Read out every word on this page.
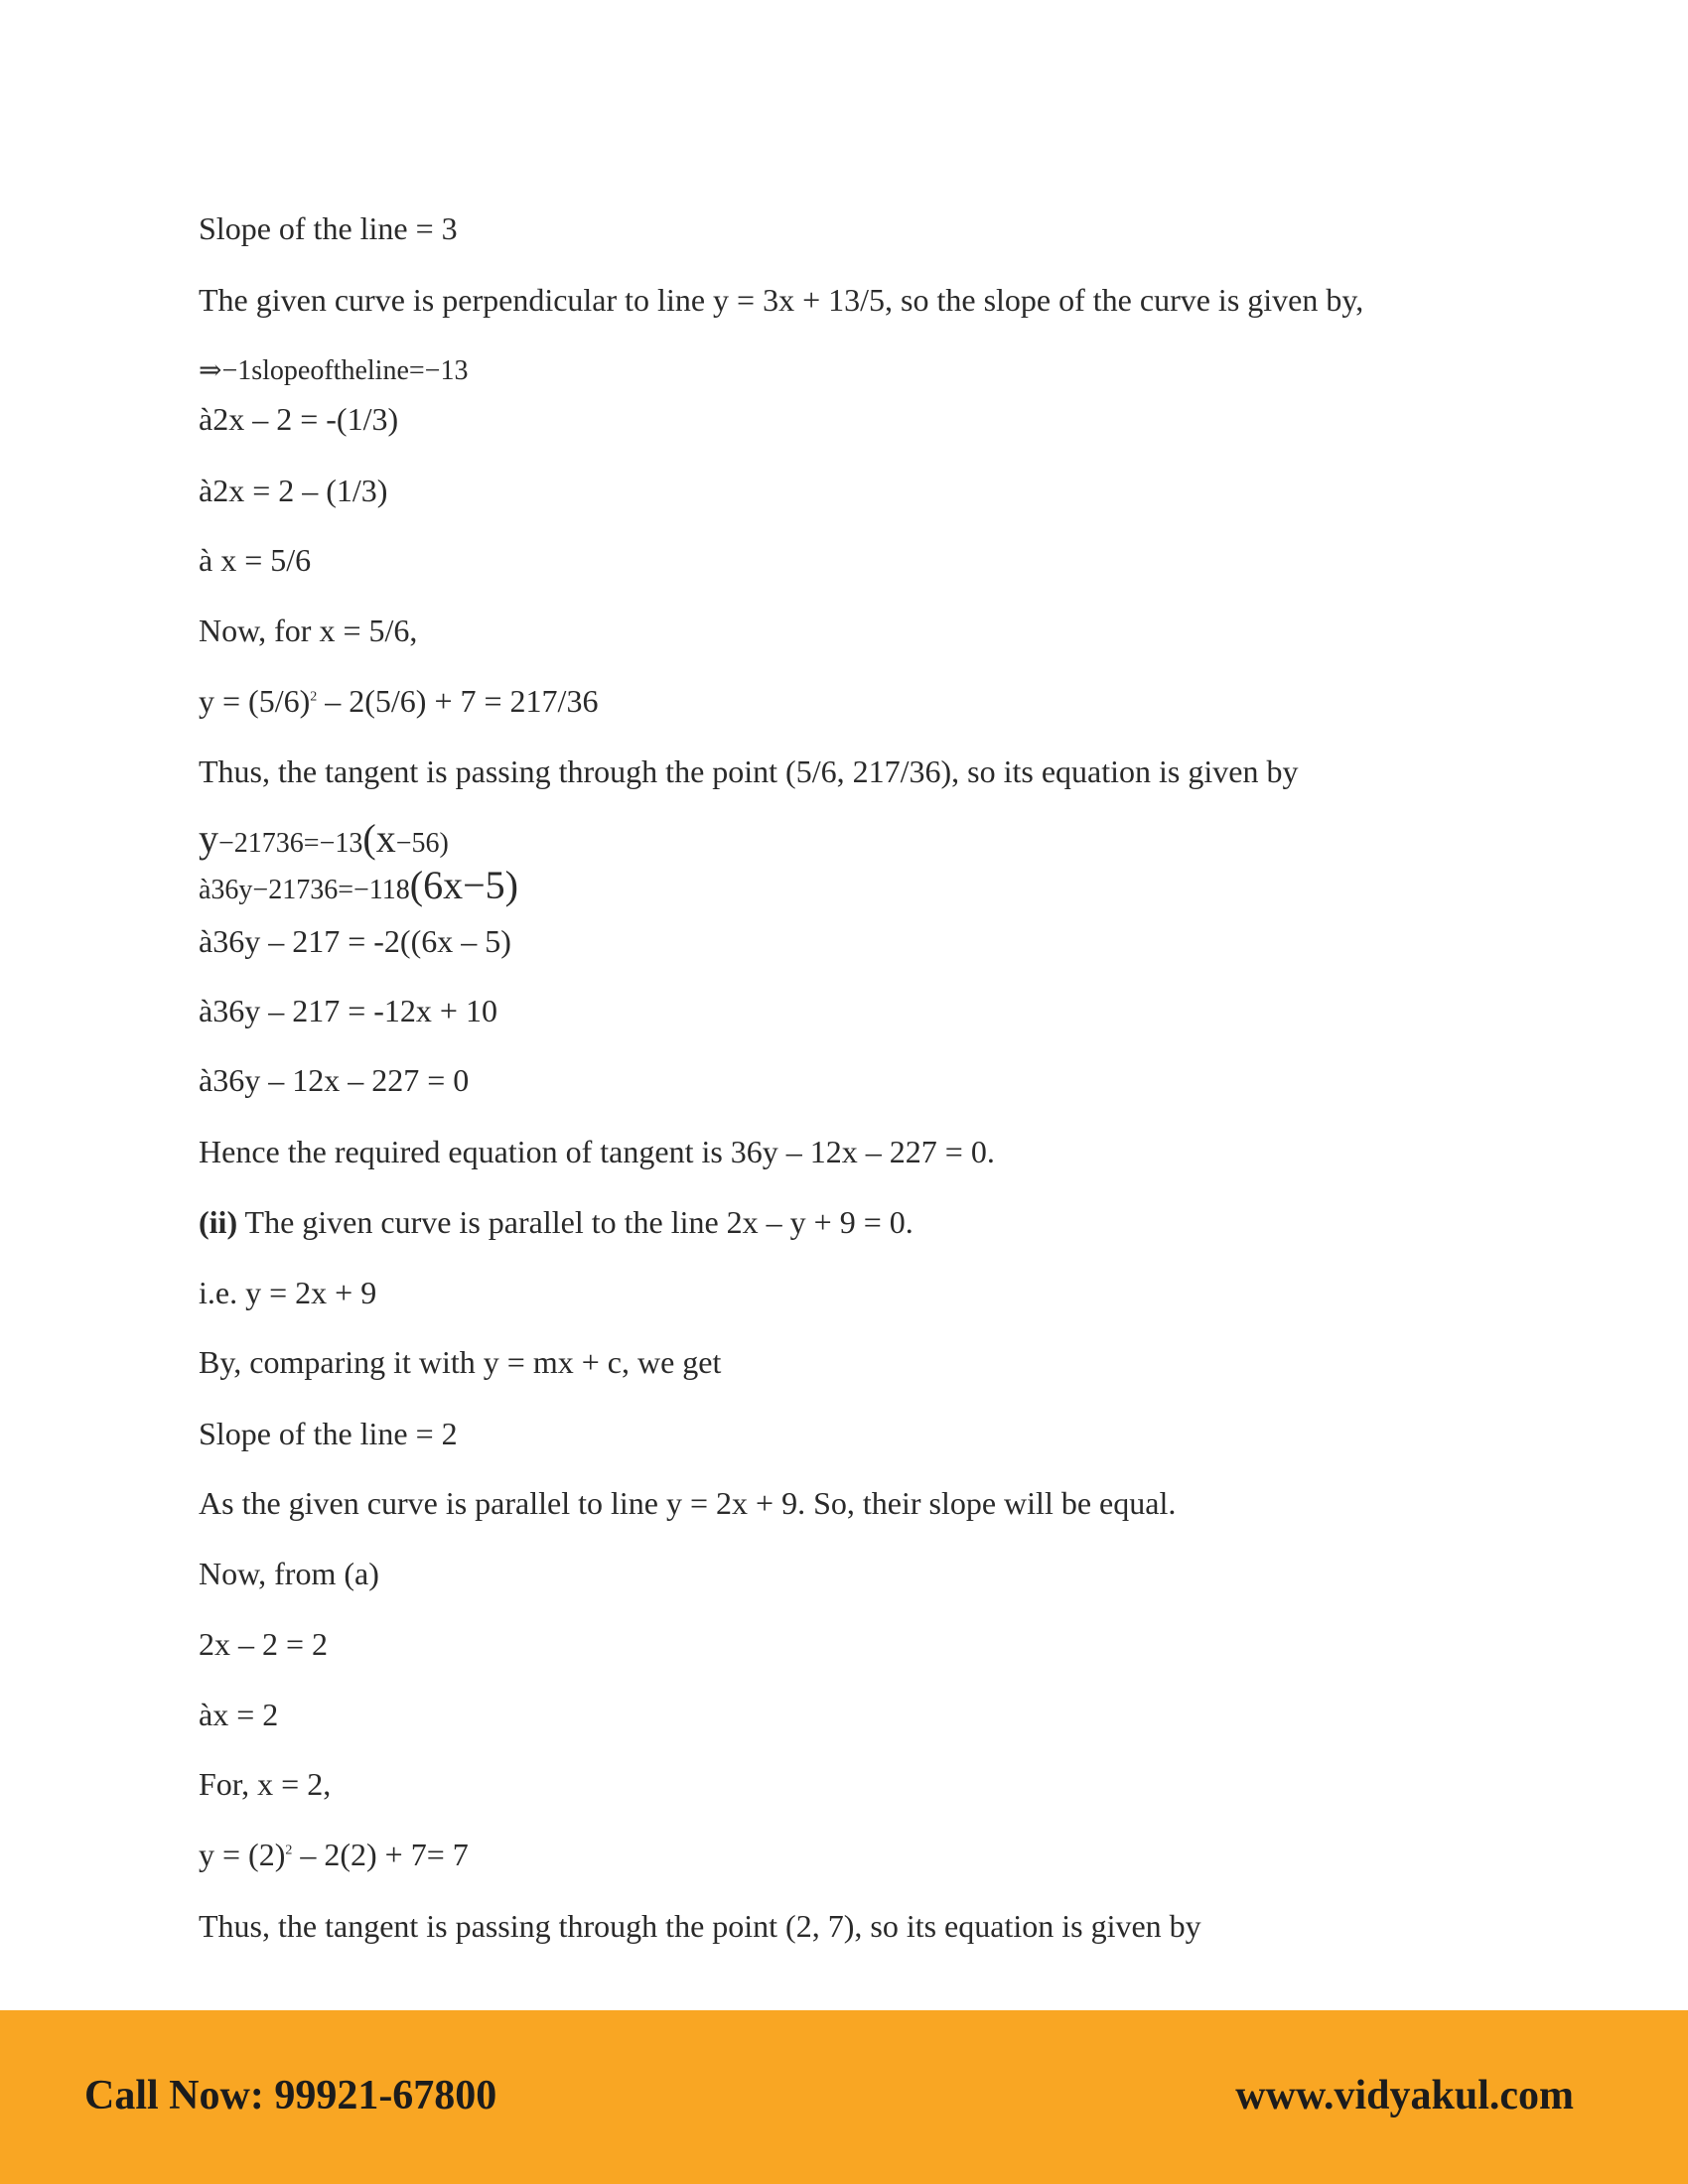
Slope of the line = 3
The given curve is perpendicular to line y = 3x + 13/5, so the slope of the curve is given by,
⇒−1slopeoftheline=−13
à2x – 2 = -(1/3)
à2x = 2 – (1/3)
à x = 5/6
Now, for x = 5/6,
$y = (5/6)^2 - 2(5/6) + 7 = 217/36$
Thus, the tangent is passing through the point (5/6, 217/36), so its equation is given by
y−21736=−13(x−56)
à36y−21736=−118(6x−5)
à36y – 217 = -2((6x – 5)
à36y – 217 = -12x + 10
à36y – 12x – 227 = 0
Hence the required equation of tangent is 36y – 12x – 227 = 0.
(ii) The given curve is parallel to the line 2x – y + 9 = 0.
i.e. y = 2x + 9
By, comparing it with y = mx + c, we get
Slope of the line = 2
As the given curve is parallel to line y = 2x + 9. So, their slope will be equal.
Now, from (a)
2x – 2 = 2
àx = 2
For, x = 2,
$y = (2)^2 - 2(2) + 7= 7$
Thus, the tangent is passing through the point (2, 7), so its equation is given by
Call Now: 99921-67800	www.vidyakul.com
